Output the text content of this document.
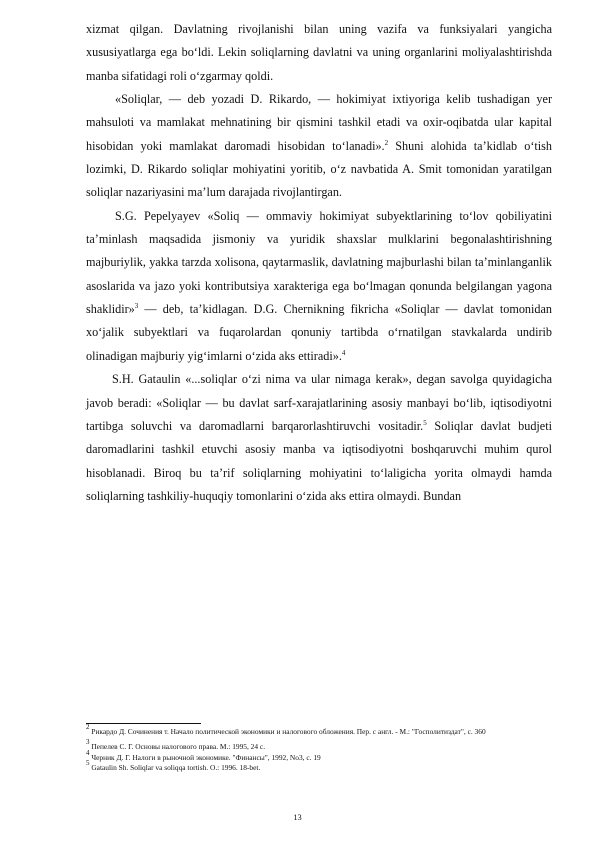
xizmat qilgan. Davlatning rivojlanishi bilan uning vazifa va funksiyalari yangicha xususiyatlarga ega bo‘ldi. Lekin soliqlarning davlatni va uning organlarini moliyalashtirishda manba sifatidagi roli o‘zgarmay qoldi.

«Soliqlar, — deb yozadi D. Rikardo, — hokimiyat ixtiyoriga kelib tushadigan yer mahsuloti va mamlakat mehnatining bir qismini tashkil etadi va oxir-oqibatda ular kapital hisobidan yoki mamlakat daromadi hisobidan to‘lanadi».$^2$ Shuni alohida ta’kidlab o‘tish lozimki, D. Rikardo soliqlar mohiyatini yoritib, o‘z navbatida A. Smit tomonidan yaratilgan soliqlar nazariyasini ma’lum darajada rivojlantirgan.

S.G. Pepelyayev «Soliq — ommaviy hokimiyat subyektlarining to‘lov qobiliyatini ta’minlash maqsadida jismoniy va yuridik shaxslar mulklarini begonalashtirishning majburiylik, yakka tarzda xolisona, qaytarmaslik, davlatning majburlashi bilan ta’minlanganlik asoslarida va jazo yoki kontributsiya xarakteriga ega bo‘lmagan qonunda belgilangan yagona shaklidir»$^3$ — deb, ta’kidlagan. D.G. Chernikning fikricha «Soliqlar — davlat tomonidan xo‘jalik subyektlari va fuqarolardan qonuniy tartibda o‘rnatilgan stavkalarda undirib olinadigan majburiy yig‘imlarni o‘zida aks ettiradi».$^4$

S.H. Gataulin «...soliqlar o‘zi nima va ular nimaga kerak», degan savolga quyidagicha javob beradi: «Soliqlar — bu davlat sarf-xarajatlarining asosiy manbayi bo‘lib, iqtisodiyotni tartibga soluvchi va daromadlarni barqarorlashtiruvchi vositadir.$^5$ Soliqlar davlat budjeti daromadlarini tashkil etuvchi asosiy manba va iqtisodiyotni boshqaruvchi muhim qurol hisoblanadi. Biroq bu ta’rif soliqlarning mohiyatini to‘laligicha yorita olmaydi hamda soliqlarning tashkiliy-huquqiy tomonlarini o‘zida aks ettira olmaydi. Bundan

$^2$ Рикардо Д. Сочинения т. Начало политической экономики и налогового обложения. Пер. с англ. - М.: "Госполитиздат", с. 360

$^3$ Пепелев С. Г. Основы налогового права. М.: 1995, 24 с.

$^4$ Черник Д. Г. Налоги в рыночной экономике. "Финансы", 1992, No3, с. 19

$^5$ Gataulin Sh. Soliqlar va soliqqa tortish. O.: 1996. 18-bet.

13
